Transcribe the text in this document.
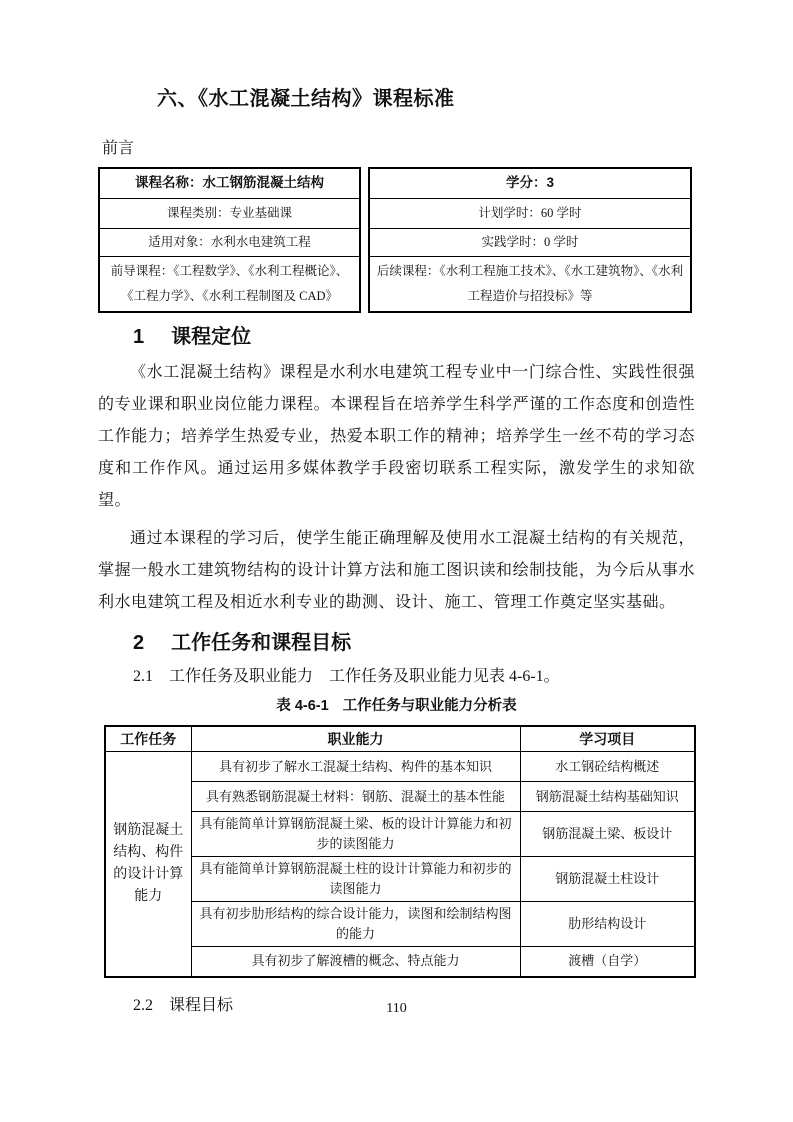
六、《水工混凝土结构》课程标准
前言
课程名称：水工钢筋混凝土结构
课程类别：专业基础课
适用对象：水利水电建筑工程
前导课程：《工程数学》、《水利工程概论》、《工程力学》、《水利工程制图及 CAD》
学分：3
计划学时：60 学时
实践学时：0 学时
后续课程：《水利工程施工技术》、《水工建筑物》、《水利工程造价与招投标》等
1 课程定位

《水工混凝土结构》课程是水利水电建筑工程专业中一门综合性、实践性很强的专业课和职业岗位能力课程。本课程旨在培养学生科学严谨的工作态度和创造性工作能力；培养学生热爱专业，热爱本职工作的精神；培养学生一丝不苟的学习态度和工作作风。通过运用多媒体教学手段密切联系工程实际，激发学生的求知欲望。

通过本课程的学习后，使学生能正确理解及使用水工混凝土结构的有关规范，掌握一般水工建筑物结构的设计计算方法和施工图识读和绘制技能，为今后从事水利水电建筑工程及相近水利专业的勘测、设计、施工、管理工作奠定坚实基础。

2 工作任务和课程目标
2.1 工作任务及职业能力　工作任务及职业能力见表 4-6-1。
表 4-6-1 工作任务与职业能力分析表
工作任务	职业能力	学习项目
钢筋混凝土结构、构件的设计计算能力	具有初步了解水工混凝土结构、构件的基本知识	水工钢砼结构概述
	具有熟悉钢筋混凝土材料：钢筋、混凝土的基本性能	钢筋混凝土结构基础知识
	具有能简单计算钢筋混凝土梁、板的设计计算能力和初步的读图能力	钢筋混凝土梁、板设计
	具有能简单计算钢筋混凝土柱的设计计算能力和初步的读图能力	钢筋混凝土柱设计
	具有初步肋形结构的综合设计能力，读图和绘制结构图的能力	肋形结构设计
	具有初步了解渡槽的概念、特点能力	渡槽（自学）
2.2 课程目标	110
